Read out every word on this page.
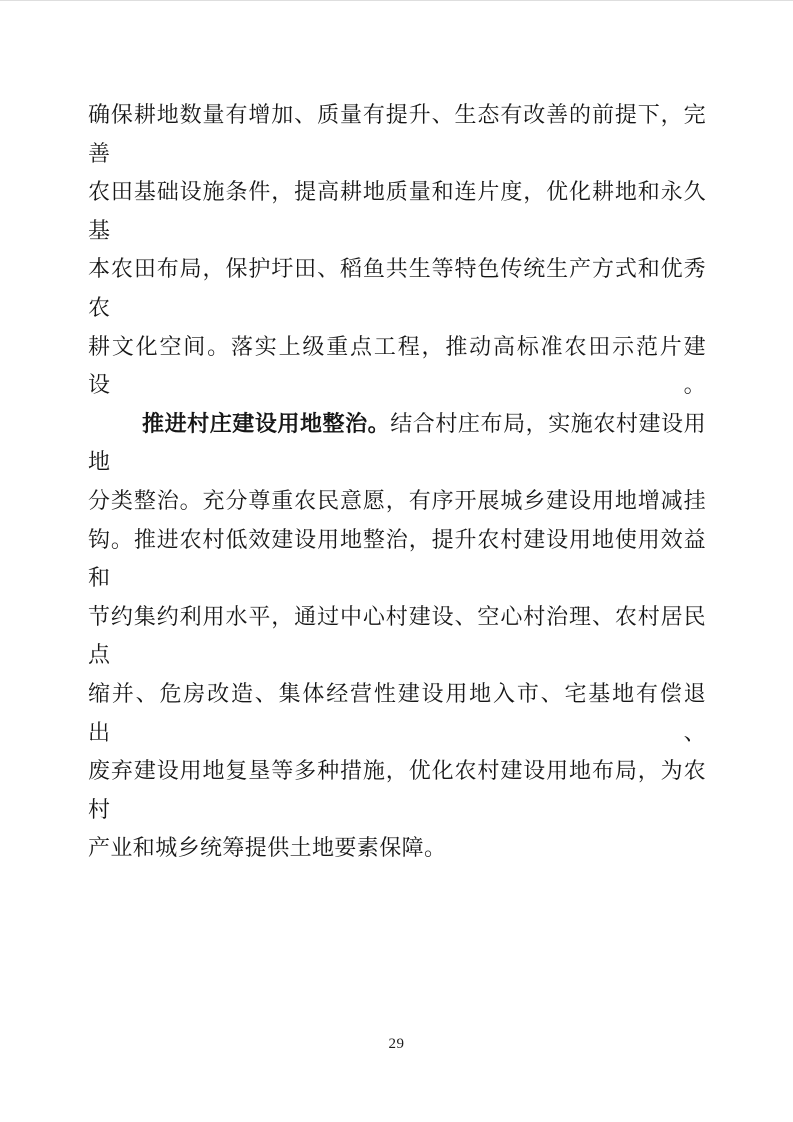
确保耕地数量有增加、质量有提升、生态有改善的前提下，完善
农田基础设施条件，提高耕地质量和连片度，优化耕地和永久基
本农田布局，保护圩田、稻鱼共生等特色传统生产方式和优秀农
耕文化空间。落实上级重点工程，推动高标准农田示范片建设。
推进村庄建设用地整治。结合村庄布局，实施农村建设用地
分类整治。充分尊重农民意愿，有序开展城乡建设用地增减挂
钩。推进农村低效建设用地整治，提升农村建设用地使用效益和
节约集约利用水平，通过中心村建设、空心村治理、农村居民点
缩并、危房改造、集体经营性建设用地入市、宅基地有偿退出、
废弃建设用地复垦等多种措施，优化农村建设用地布局，为农村
产业和城乡统筹提供土地要素保障。
29
